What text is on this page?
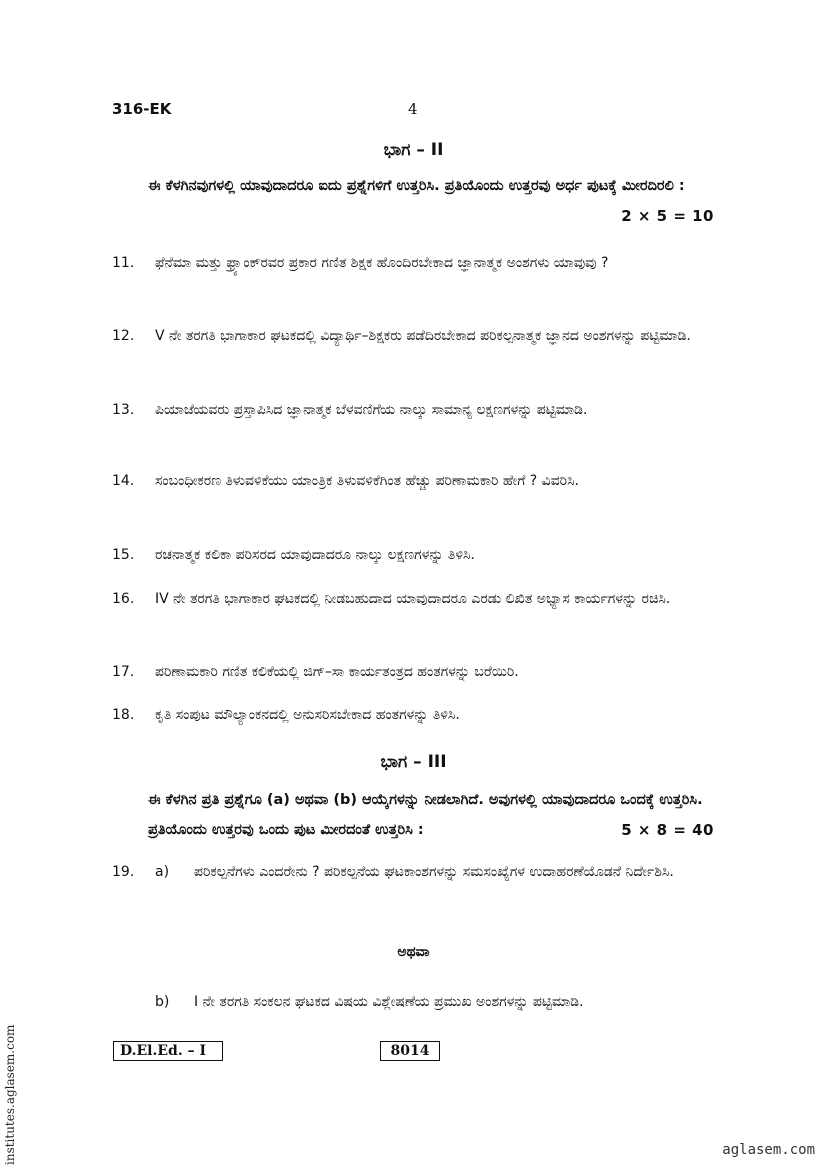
316-EK	4
ಭಾಗ – II
ಈ ಕೆಳಗಿನವುಗಳಲ್ಲಿ ಯಾವುದಾದರೂ ಐದು ಪ್ರಶ್ನೆಗಳಿಗೆ ಉತ್ತರಿಸಿ. ಪ್ರತಿಯೊಂದು ಉತ್ತರವು ಅರ್ಧ ಪುಟಕ್ಕೆ ಮೀರದಿರಲಿ :
2 × 5 = 10
11.	ಫೆನೆಮಾ ಮತ್ತು ಫ್ರ್ಯಾಂಕ್‌ರವರ ಪ್ರಕಾರ ಗಣಿತ ಶಿಕ್ಷಕ ಹೊಂದಿರಬೇಕಾದ ಜ್ಞಾನಾತ್ಮಕ ಅಂಶಗಳು ಯಾವುವು ?
12.	V ನೇ ತರಗತಿ ಭಾಗಾಕಾರ ಘಟಕದಲ್ಲಿ ವಿದ್ಯಾರ್ಥಿ–ಶಿಕ್ಷಕರು ಪಡೆದಿರಬೇಕಾದ ಪರಿಕಲ್ಪನಾತ್ಮಕ ಜ್ಞಾನದ ಅಂಶಗಳನ್ನು ಪಟ್ಟಿಮಾಡಿ.
13.	ಪಿಯಾಜೆಯವರು ಪ್ರಸ್ತಾಪಿಸಿದ ಜ್ಞಾನಾತ್ಮಕ ಬೆಳವಣಿಗೆಯ ನಾಲ್ಕು ಸಾಮಾನ್ಯ ಲಕ್ಷಣಗಳನ್ನು ಪಟ್ಟಿಮಾಡಿ.
14.	ಸಂಬಂಧೀಕರಣ ತಿಳುವಳಿಕೆಯು ಯಾಂತ್ರಿಕ ತಿಳುವಳಿಕೆಗಿಂತ ಹೆಚ್ಚು ಪರಿಣಾಮಕಾರಿ ಹೇಗೆ ? ವಿವರಿಸಿ.
15.	ರಚನಾತ್ಮಕ ಕಲಿಕಾ ಪರಿಸರದ ಯಾವುದಾದರೂ ನಾಲ್ಕು ಲಕ್ಷಣಗಳನ್ನು ತಿಳಿಸಿ.
16.	IV ನೇ ತರಗತಿ ಭಾಗಾಕಾರ ಘಟಕದಲ್ಲಿ ನೀಡಬಹುದಾದ ಯಾವುದಾದರೂ ಎರಡು ಲಿಖಿತ ಅಭ್ಯಾಸ ಕಾರ್ಯಗಳನ್ನು ರಚಿಸಿ.
17.	ಪರಿಣಾಮಕಾರಿ ಗಣಿತ ಕಲಿಕೆಯಲ್ಲಿ ಜಿಗ್–ಸಾ ಕಾರ್ಯತಂತ್ರದ ಹಂತಗಳನ್ನು ಬರೆಯಿರಿ.
18.	ಕೃತಿ ಸಂಪುಟ ಮೌಲ್ಯಾಂಕನದಲ್ಲಿ ಅನುಸರಿಸಬೇಕಾದ ಹಂತಗಳನ್ನು ತಿಳಿಸಿ.
ಭಾಗ – III
ಈ ಕೆಳಗಿನ ಪ್ರತಿ ಪ್ರಶ್ನೆಗೂ (a) ಅಥವಾ (b) ಆಯ್ಕೆಗಳನ್ನು ನೀಡಲಾಗಿದೆ. ಅವುಗಳಲ್ಲಿ ಯಾವುದಾದರೂ ಒಂದಕ್ಕೆ ಉತ್ತರಿಸಿ. ಪ್ರತಿಯೊಂದು ಉತ್ತರವು ಒಂದು ಪುಟ ಮೀರದಂತೆ ಉತ್ತರಿಸಿ :	5 × 8 = 40
19.	a) ಪರಿಕಲ್ಪನೆಗಳು ಎಂದರೇನು ? ಪರಿಕಲ್ಪನೆಯ ಘಟಕಾಂಶಗಳನ್ನು ಸಮಸಂಖ್ಯೆಗಳ ಉದಾಹರಣೆಯೊಡನೆ ನಿರ್ದೇಶಿಸಿ.
ಅಥವಾ
b) I ನೇ ತರಗತಿ ಸಂಕಲನ ಘಟಕದ ವಿಷಯ ವಿಶ್ಲೇಷಣೆಯ ಪ್ರಮುಖ ಅಂಶಗಳನ್ನು ಪಟ್ಟಿಮಾಡಿ.
D.El.Ed. – I	8014
institutes.aglasem.com	aglasem.com
